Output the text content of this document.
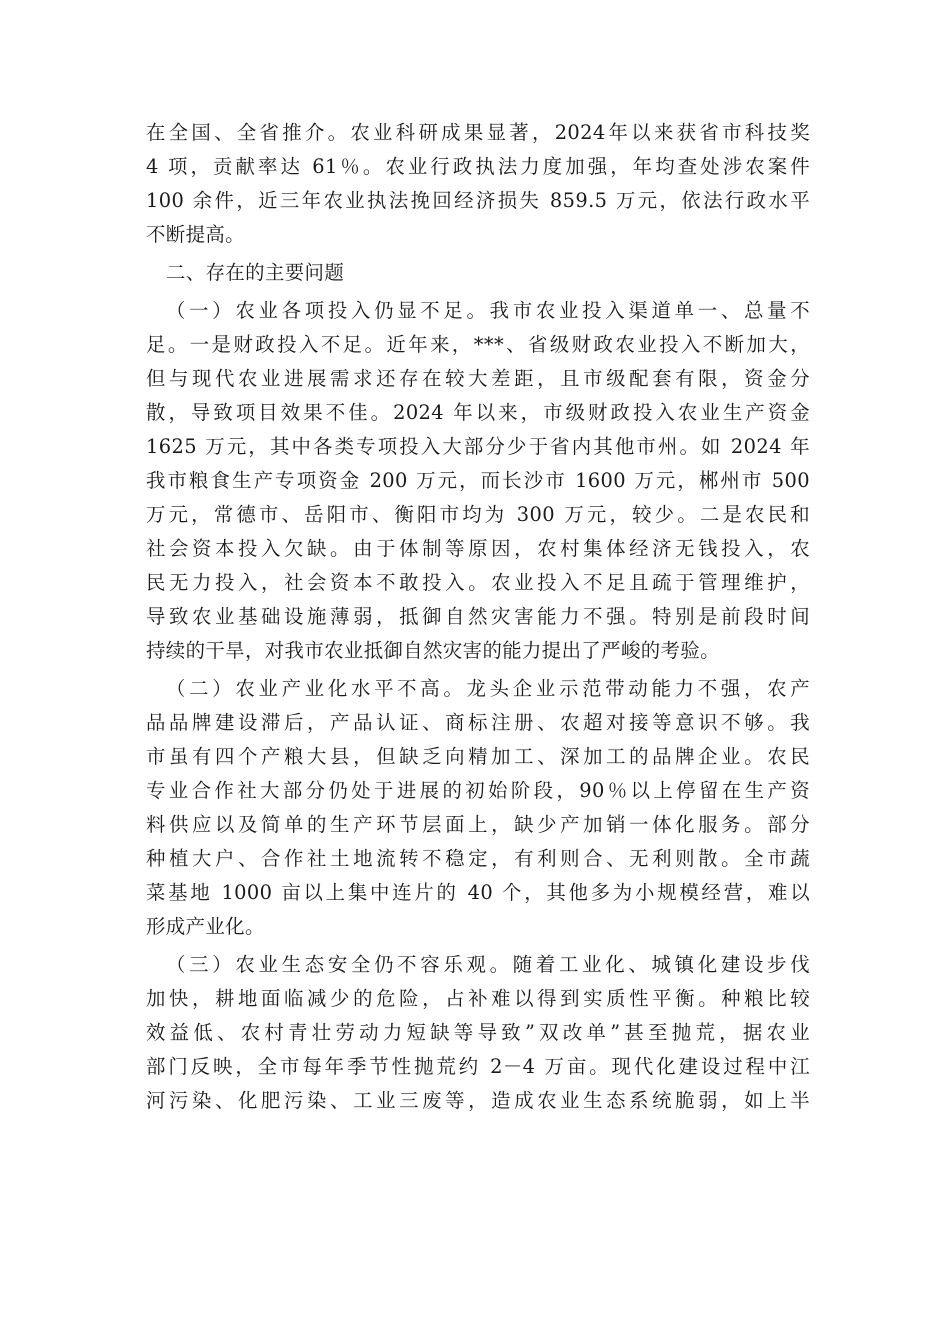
在全国、全省推介。农业科研成果显著，2024年以来获省市科技奖
4 项，贡献率达 61％。农业行政执法力度加强，年均查处涉农案件
100 余件，近三年农业执法挽回经济损失 859.5 万元，依法行政水平
不断提高。
二、存在的主要问题
（一）农业各项投入仍显不足。我市农业投入渠道单一、总量不
足。一是财政投入不足。近年来，***、省级财政农业投入不断加大，
但与现代农业进展需求还存在较大差距，且市级配套有限，资金分
散，导致项目效果不佳。2024 年以来，市级财政投入农业生产资金
1625 万元，其中各类专项投入大部分少于省内其他市州。如 2024 年
我市粮食生产专项资金 200 万元，而长沙市 1600 万元，郴州市 500
万元，常德市、岳阳市、衡阳市均为 300 万元，较少。二是农民和
社会资本投入欠缺。由于体制等原因，农村集体经济无钱投入，农
民无力投入，社会资本不敢投入。农业投入不足且疏于管理维护，
导致农业基础设施薄弱，抵御自然灾害能力不强。特别是前段时间
持续的干旱，对我市农业抵御自然灾害的能力提出了严峻的考验。
（二）农业产业化水平不高。龙头企业示范带动能力不强，农产
品品牌建设滞后，产品认证、商标注册、农超对接等意识不够。我
市虽有四个产粮大县，但缺乏向精加工、深加工的品牌企业。农民
专业合作社大部分仍处于进展的初始阶段，90％以上停留在生产资
料供应以及简单的生产环节层面上，缺少产加销一体化服务。部分
种植大户、合作社土地流转不稳定，有利则合、无利则散。全市蔬
菜基地 1000 亩以上集中连片的 40 个，其他多为小规模经营，难以
形成产业化。
（三）农业生态安全仍不容乐观。随着工业化、城镇化建设步伐
加快，耕地面临减少的危险，占补难以得到实质性平衡。种粮比较
效益低、农村青壮劳动力短缺等导致”双改单”甚至抛荒，据农业
部门反映，全市每年季节性抛荒约 2－4 万亩。现代化建设过程中江
河污染、化肥污染、工业三废等，造成农业生态系统脆弱，如上半
